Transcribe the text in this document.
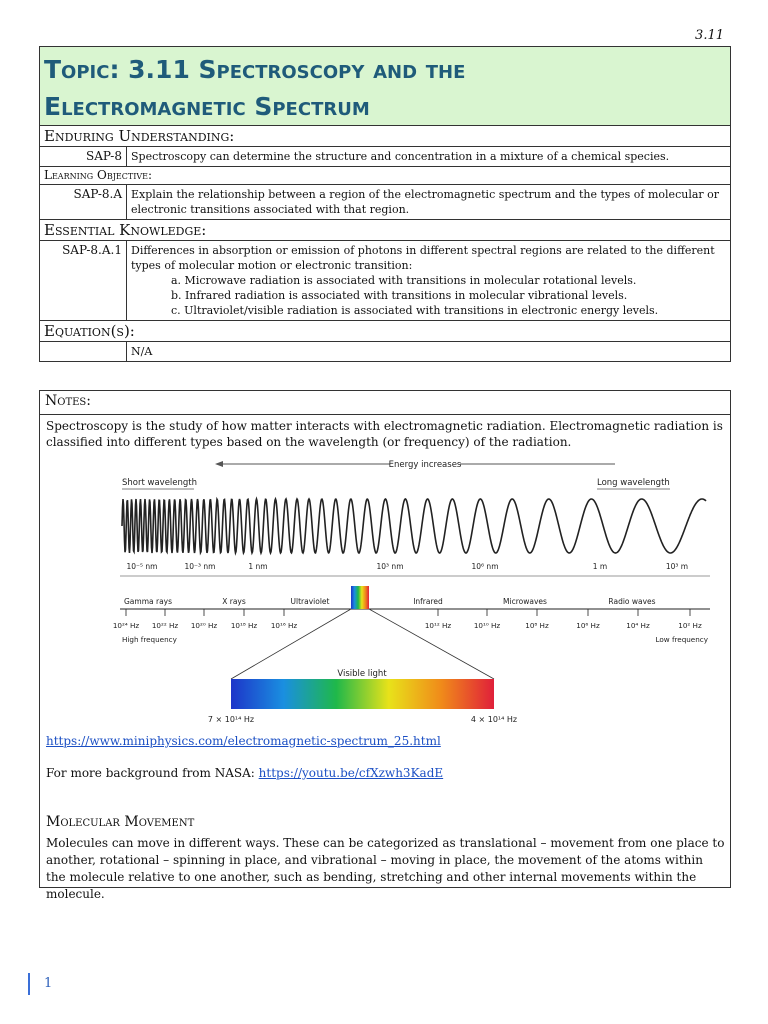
3.11
Topic: 3.11 Spectroscopy and the
Electromagnetic Spectrum	

Enduring Understanding:	
SAP-8	Spectroscopy can determine the structure and concentration in a mixture of a chemical species.
Learning Objective:	
SAP-8.A	Explain the relationship between a region of the electromagnetic spectrum and the types of molecular or electronic transitions associated with that region.
Essential Knowledge:	
SAP-8.A.1	Differences in absorption or emission of photons in different spectral regions are related to the different types of molecular motion or electronic transition:
a. Microwave radiation is associated with transitions in molecular rotational levels.
b. Infrared radiation is associated with transitions in molecular vibrational levels.
c. Ultraviolet/visible radiation is associated with transitions in electronic energy levels.

Equation(s):	
	N/A
Notes:
Spectroscopy is the study of how matter interacts with electromagnetic radiation. Electromagnetic radiation is classified into different types based on the wavelength (or frequency) of the radiation.
Energy increases
Short wavelength	Long wavelength
10⁻⁵ nm	10⁻³ nm	1 nm	10³ nm	10⁶ nm	1 m	10³ m
Gamma rays	X rays	Ultraviolet	Infrared	Microwaves	Radio waves
10²⁴ Hz 10²² Hz 10²⁰ Hz 10¹⁸ Hz 10¹⁶ Hz	10¹² Hz	10¹⁰ Hz	10⁸ Hz	10⁶ Hz	10⁴ Hz	10² Hz
High frequency	Low frequency
Visible light
7 × 10¹⁴ Hz	4 × 10¹⁴ Hz
https://www.miniphysics.com/electromagnetic-spectrum_25.html
For more background from NASA: https://youtu.be/cfXzwh3KadE
Molecular Movement
Molecules can move in different ways. These can be categorized as translational – movement from one place to another, rotational – spinning in place, and vibrational – moving in place, the movement of the atoms within the molecule relative to one another, such as bending, stretching and other internal movements within the molecule.
1
